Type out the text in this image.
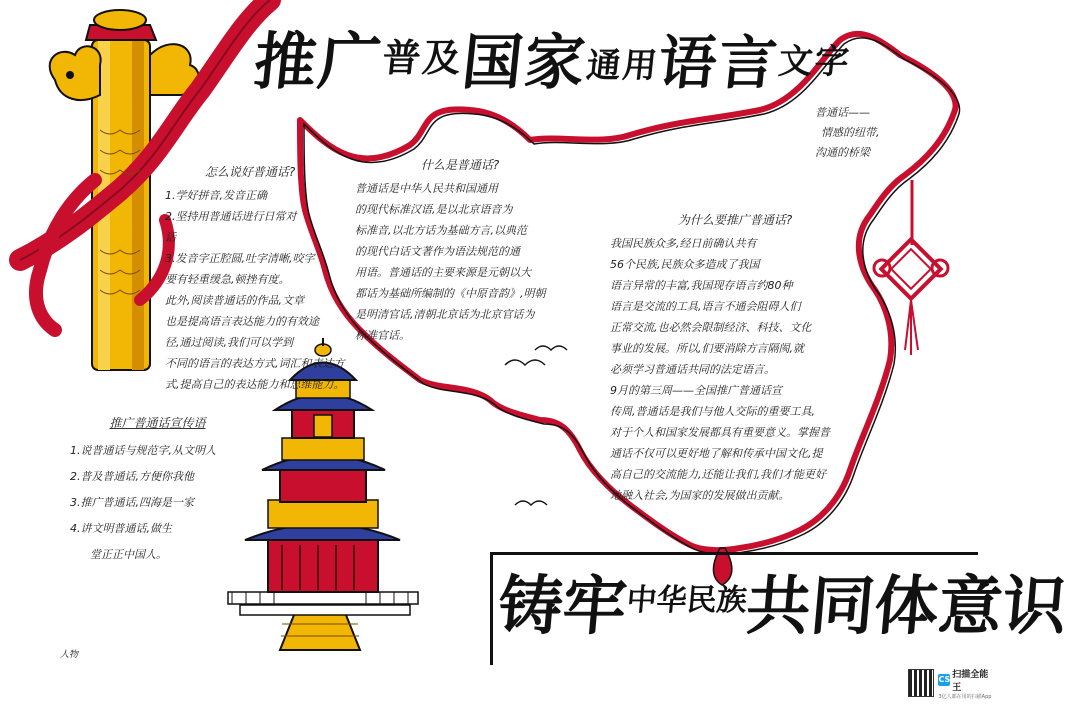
推广普及国家通用语言文字
铸牢中华民族共同体意识
怎么说好普通话?
1.学好拼音,发音正确
2.坚持用普通话进行日常对
话
3.发音字正腔圆,吐字清晰,咬字
要有轻重缓急,顿挫有度。
此外,阅读普通话的作品,文章
也是提高语言表达能力的有效途
径,通过阅读,我们可以学到
不同的语言的表达方式,词汇和表达方
式,提高自己的表达能力和思维能力。
什么是普通话?
普通话是中华人民共和国通用
的现代标准汉语,是以北京语音为
标准音,以北方话为基础方言,以典范
的现代白话文著作为语法规范的通
用语。普通话的主要来源是元朝以大
都话为基础所编制的《中原音韵》,明朝
是明清官话,清朝北京话为北京官话为
标准官话。
为什么要推广普通话?
我国民族众多,经日前确认共有
56个民族,民族众多造成了我国
语言异常的丰富,我国现存语言约80种
语言是交流的工具,语言不通会阻碍人们
正常交流,也必然会限制经济、科技、文化
事业的发展。所以,们要消除方言隔阂,就
必须学习普通话共同的法定语言。
9月的第三周——全国推广普通话宣
传周,普通话是我们与他人交际的重要工具,
对于个人和国家发展都具有重要意义。掌握普
通话不仅可以更好地了解和传承中国文化,提
高自己的交流能力,还能让我们,我们才能更好
地融入社会,为国家的发展做出贡献。
普通话——
情感的纽带,
沟通的桥梁
推广普通话宣传语
1.说普通话与规范字,从文明人
2.普及普通话,方便你我他
3.推广普通话,四海是一家
4.讲文明普通话,做生
堂正正中国人。
人物
CS 扫描全能王
3亿人都在用的扫描App
